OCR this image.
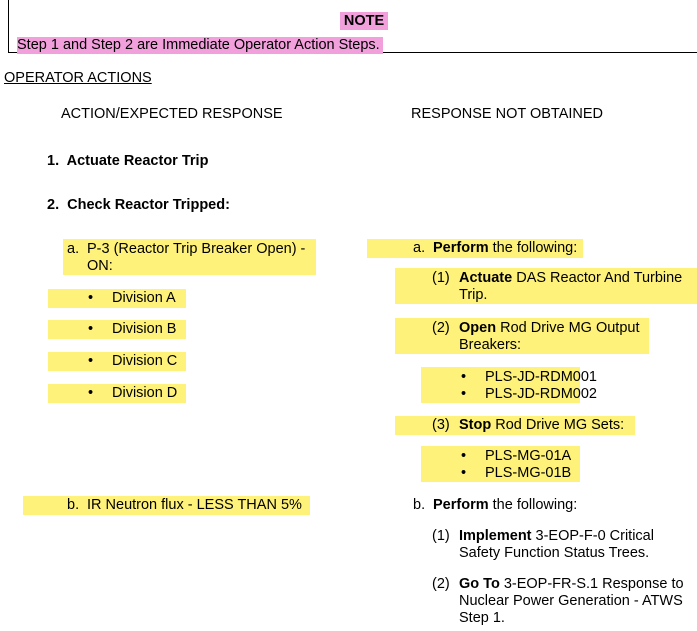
NOTE
Step 1 and Step 2 are Immediate Operator Action Steps.
OPERATOR ACTIONS
ACTION/EXPECTED RESPONSE	RESPONSE NOT OBTAINED
1. Actuate Reactor Trip
2. Check Reactor Tripped:
a. P-3 (Reactor Trip Breaker Open) -
ON:
• Division A
• Division B
• Division C
• Division D
b. IR Neutron flux - LESS THAN 5%
a. Perform the following:
(1) Actuate DAS Reactor And Turbine
Trip.
(2) Open Rod Drive MG Output
Breakers:
• PLS-JD-RDM001
• PLS-JD-RDM002
(3) Stop Rod Drive MG Sets:
• PLS-MG-01A
• PLS-MG-01B
b. Perform the following:
(1) Implement 3-EOP-F-0 Critical
Safety Function Status Trees.
(2) Go To 3-EOP-FR-S.1 Response to
Nuclear Power Generation - ATWS
Step 1.
